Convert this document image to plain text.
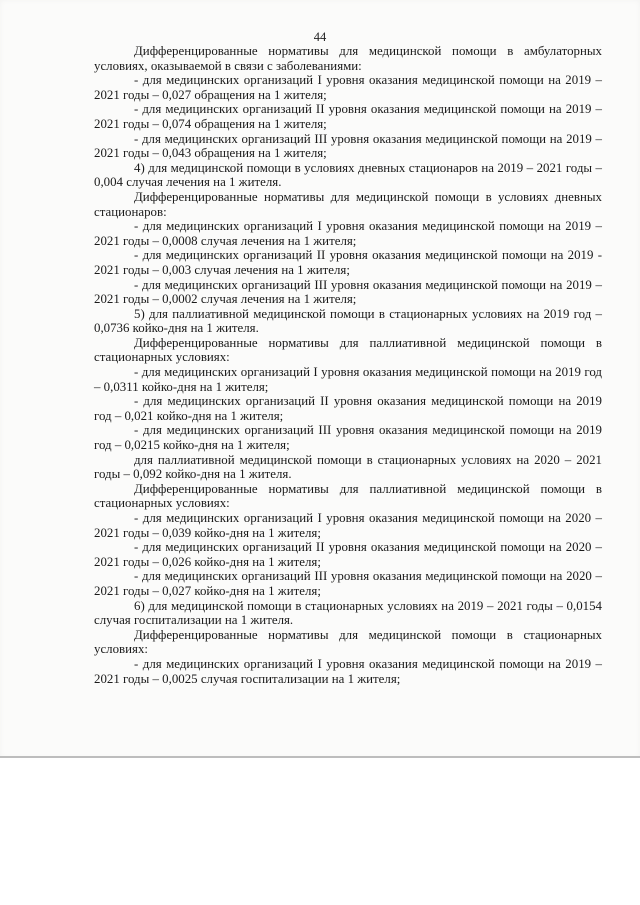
44

Дифференцированные нормативы для медицинской помощи в амбулаторных условиях, оказываемой в связи с заболеваниями:

- для медицинских организаций I уровня оказания медицинской помощи на 2019 – 2021 годы – 0,027 обращения на 1 жителя;

- для медицинских организаций II уровня оказания медицинской помощи на 2019 – 2021 годы – 0,074 обращения на 1 жителя;

- для медицинских организаций III уровня оказания медицинской помощи на 2019 – 2021 годы – 0,043 обращения на 1 жителя;

4) для медицинской помощи в условиях дневных стационаров на 2019 – 2021 годы – 0,004 случая лечения на 1 жителя.

Дифференцированные нормативы для медицинской помощи в условиях дневных стационаров:

- для медицинских организаций I уровня оказания медицинской помощи на 2019 – 2021 годы – 0,0008 случая лечения на 1 жителя;

- для медицинских организаций II уровня оказания медицинской помощи на 2019 - 2021 годы – 0,003 случая лечения на 1 жителя;

- для медицинских организаций III уровня оказания медицинской помощи на 2019 – 2021 годы – 0,0002 случая лечения на 1 жителя;

5) для паллиативной медицинской помощи в стационарных условиях на 2019 год – 0,0736 койко-дня на 1 жителя.

Дифференцированные нормативы для паллиативной медицинской помощи в стационарных условиях:

- для медицинских организаций I уровня оказания медицинской помощи на 2019 год – 0,0311 койко-дня на 1 жителя;

- для медицинских организаций II уровня оказания медицинской помощи на 2019 год – 0,021 койко-дня на 1 жителя;

- для медицинских организаций III уровня оказания медицинской помощи на 2019 год – 0,0215 койко-дня на 1 жителя;

для паллиативной медицинской помощи в стационарных условиях на 2020 – 2021 годы – 0,092 койко-дня на 1 жителя.

Дифференцированные нормативы для паллиативной медицинской помощи в стационарных условиях:

- для медицинских организаций I уровня оказания медицинской помощи на 2020 – 2021 годы – 0,039 койко-дня на 1 жителя;

- для медицинских организаций II уровня оказания медицинской помощи на 2020 – 2021 годы – 0,026 койко-дня на 1 жителя;

- для медицинских организаций III уровня оказания медицинской помощи на 2020 – 2021 годы – 0,027 койко-дня на 1 жителя;

6) для медицинской помощи в стационарных условиях на 2019 – 2021 годы – 0,0154 случая госпитализации на 1 жителя.

Дифференцированные нормативы для медицинской помощи в стационарных условиях:

- для медицинских организаций I уровня оказания медицинской помощи на 2019 – 2021 годы – 0,0025 случая госпитализации на 1 жителя;
